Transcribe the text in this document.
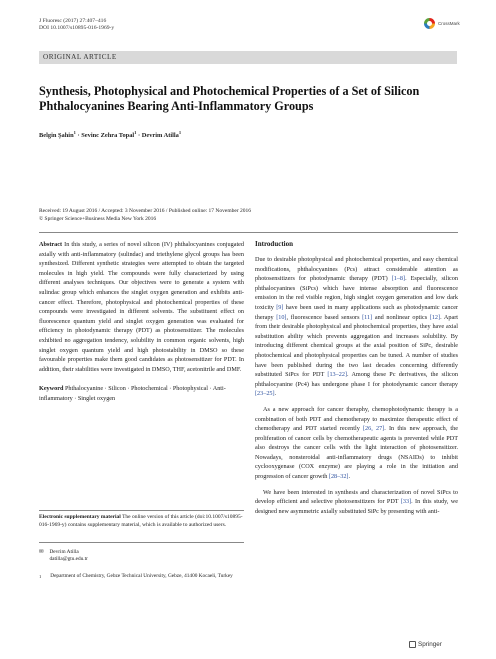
J Fluoresc (2017) 27:407–416
DOI 10.1007/s10895-016-1969-y
CrossMark
ORIGINAL ARTICLE
Synthesis, Photophysical and Photochemical Properties of a Set of Silicon Phthalocyanines Bearing Anti-Inflammatory Groups
Belgin Şahin$^1$ · Sevinc Zehra Topal$^1$ · Devrim Atilla$^1$
Received: 19 August 2016 / Accepted: 3 November 2016 / Published online: 17 November 2016
© Springer Science+Business Media New York 2016

Abstract In this study, a series of novel silicon (IV) phthalocyanines conjugated axially with anti-inflammatory (sulindac) and triethylene glycol groups has been synthesized. Different synthetic strategies were attempted to obtain the targeted molecules in high yield. The compounds were fully characterized by using different analyses techniques. Our objectives were to generate a system with sulindac group which enhances the singlet oxygen generation and exhibits anti-cancer effect. Therefore, photophysical and photochemical properties of these compounds were investigated in different solvents. The substituent effect on fluorescence quantum yield and singlet oxygen generation was evaluated for efficiency in photodynamic therapy (PDT) as photosensitizer. The molecules exhibited no aggregation tendency, solubility in common organic solvents, high singlet oxygen quantum yield and high photostability in DMSO so these favourable properties make them good candidates as photosensitizer for PDT. In addition, their stabilities were investigated in DMSO, THF, acetonitrile and DMF.

Keyword Phthalocyanine · Silicon · Photochemical · Photophysical · Anti-inflammatory · Singlet oxygen

Electronic supplementary material The online version of this article (doi:10.1007/s10895-016-1969-y) contains supplementary material, which is available to authorized users.

✉ Devrim Atilla
datilla@gtu.edu.tr
1 Department of Chemistry, Gebze Technical University, Gebze, 41400 Kocaeli, Turkey
Introduction

Due to desirable photophysical and photochemical properties, and easy chemical modifications, phthalocyanines (Pcs) attract considerable attention as photosensitizers for photodynamic therapy (PDT) [1–8]. Especially, silicon phthalocyanines (SiPcs) which have intense absorption and fluorescence emission in the red visible region, high singlet oxygen generation and low dark toxicity [9] have been used in many applications such as photodynamic cancer therapy [10], fluorescence based sensors [11] and nonlinear optics [12]. Apart from their desirable photophysical and photochemical properties, they have axial substitution ability which prevents aggregation and increases solubility. By introducing different chemical groups at the axial position of SiPc, desirable photochemical and photophysical properties can be tuned. A number of studies have been published during the two last decades concerning differently substituted SiPcs for PDT [13–22]. Among these Pc derivatives, the silicon phthalocyanine (Pc4) has undergone phase I for photodynamic cancer therapy [23–25].

As a new approach for cancer theraphy, chemophotodynamic therapy is a combination of both PDT and chemotherapy to maximize therapeutic effect of chemotherapy and PDT started recently [26, 27]. In this new approach, the proliferation of cancer cells by chemotherapeutic agents is prevented while PDT also destroys the cancer cells with the light interaction of photosensitizer. Nowadays, nonsteroidal anti-inflammatory drugs (NSAIDs) to inhibit cyclooxygenase (COX enzyme) are playing a role in the initiation and progression of cancer growth [28–32].

We have been interested in synthesis and characterization of novel SiPcs to develop efficient and selective photosensitizers for PDT [33]. In this study, we designed new asymmetric axially substituted SiPc by presenting with anti-

Springer
